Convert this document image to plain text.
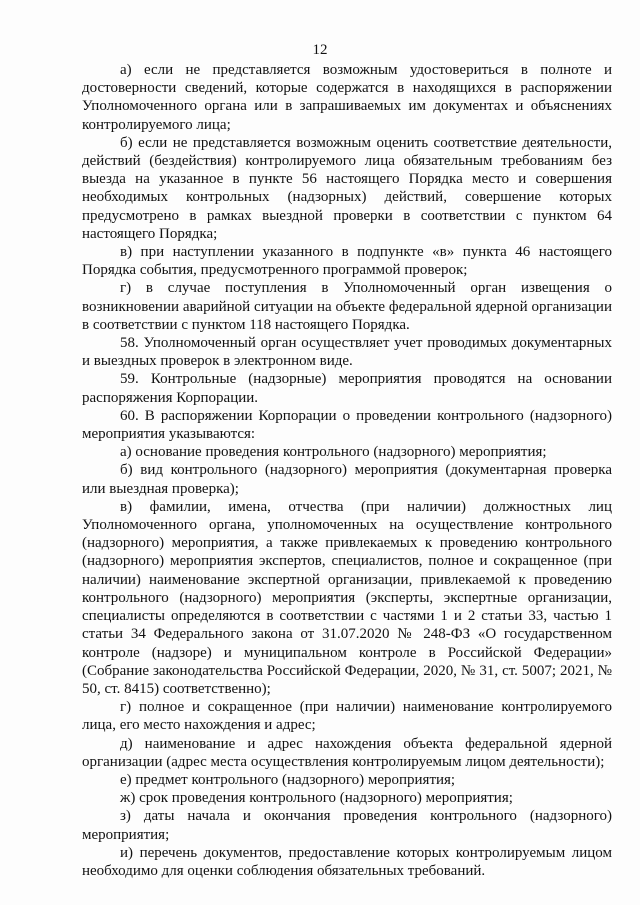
12

а) если не представляется возможным удостовериться в полноте и достоверности сведений, которые содержатся в находящихся в распоряжении Уполномоченного органа или в запрашиваемых им документах и объяснениях контролируемого лица;

б) если не представляется возможным оценить соответствие деятельности, действий (бездействия) контролируемого лица обязательным требованиям без выезда на указанное в пункте 56 настоящего Порядка место и совершения необходимых контрольных (надзорных) действий, совершение которых предусмотрено в рамках выездной проверки в соответствии с пунктом 64 настоящего Порядка;

в) при наступлении указанного в подпункте «в» пункта 46 настоящего Порядка события, предусмотренного программой проверок;

г) в случае поступления в Уполномоченный орган извещения о возникновении аварийной ситуации на объекте федеральной ядерной организации в соответствии с пунктом 118 настоящего Порядка.

58. Уполномоченный орган осуществляет учет проводимых документарных и выездных проверок в электронном виде.

59. Контрольные (надзорные) мероприятия проводятся на основании распоряжения Корпорации.

60. В распоряжении Корпорации о проведении контрольного (надзорного) мероприятия указываются:

а) основание проведения контрольного (надзорного) мероприятия;

б) вид контрольного (надзорного) мероприятия (документарная проверка или выездная проверка);

в) фамилии, имена, отчества (при наличии) должностных лиц Уполномоченного органа, уполномоченных на осуществление контрольного (надзорного) мероприятия, а также привлекаемых к проведению контрольного (надзорного) мероприятия экспертов, специалистов, полное и сокращенное (при наличии) наименование экспертной организации, привлекаемой к проведению контрольного (надзорного) мероприятия (эксперты, экспертные организации, специалисты определяются в соответствии с частями 1 и 2 статьи 33, частью 1 статьи 34 Федерального закона от 31.07.2020 № 248-ФЗ «О государственном контроле (надзоре) и муниципальном контроле в Российской Федерации» (Собрание законодательства Российской Федерации, 2020, № 31, ст. 5007; 2021, № 50, ст. 8415) соответственно);

г) полное и сокращенное (при наличии) наименование контролируемого лица, его место нахождения и адрес;

д) наименование и адрес нахождения объекта федеральной ядерной организации (адрес места осуществления контролируемым лицом деятельности);

е) предмет контрольного (надзорного) мероприятия;

ж) срок проведения контрольного (надзорного) мероприятия;

з) даты начала и окончания проведения контрольного (надзорного) мероприятия;

и) перечень документов, предоставление которых контролируемым лицом необходимо для оценки соблюдения обязательных требований.
